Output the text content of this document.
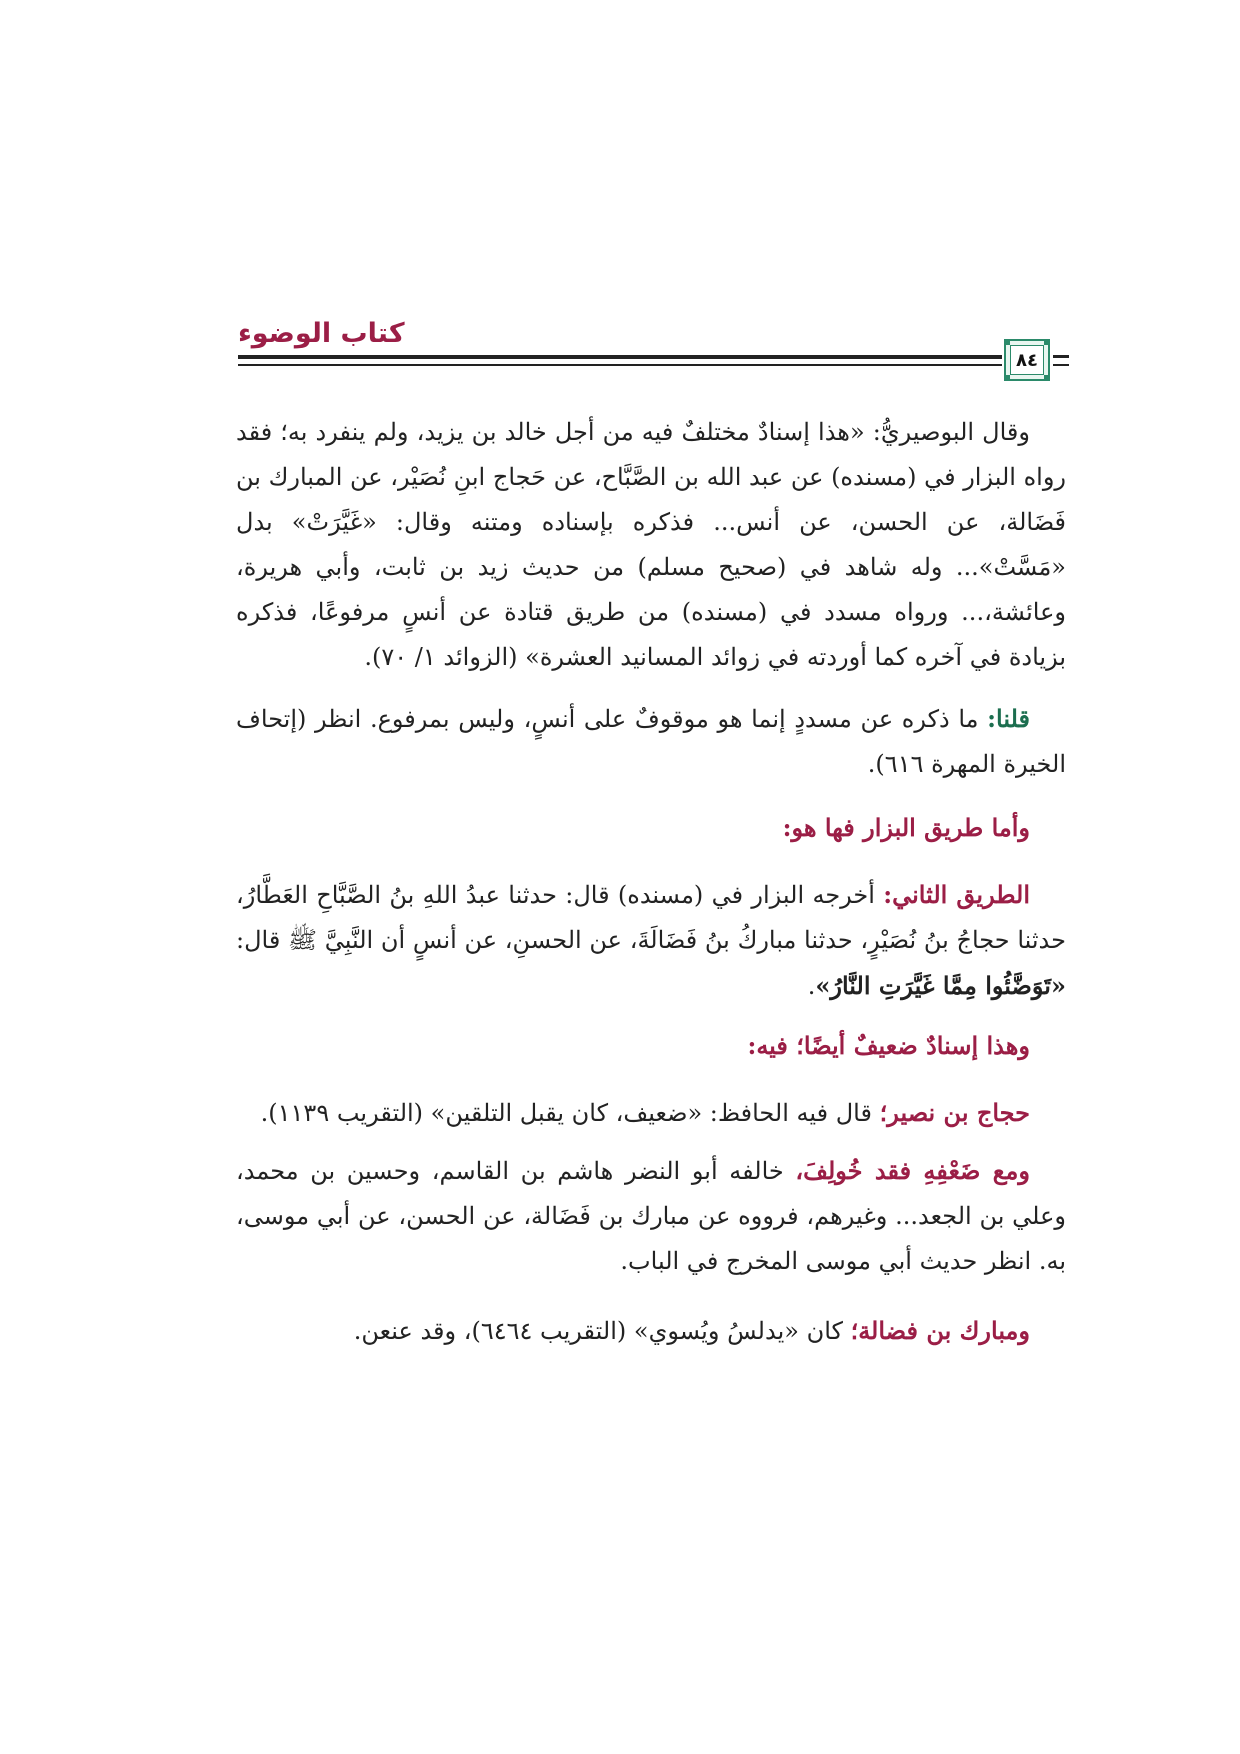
كتاب الوضوء
٨٤

وقال البوصيريُّ: «هذا إسنادٌ مختلفٌ فيه من أجل خالد بن يزيد، ولم ينفرد به؛ فقد رواه البزار في (مسنده) عن عبد الله بن الصَّبَّاح، عن حَجاج ابنِ نُصَيْر، عن المبارك بن فَضَالة، عن الحسن، عن أنس... فذكره بإسناده ومتنه وقال: «غَيَّرَتْ» بدل «مَسَّتْ»... وله شاهد في (صحيح مسلم) من حديث زيد بن ثابت، وأبي هريرة، وعائشة،... ورواه مسدد في (مسنده) من طريق قتادة عن أنسٍ مرفوعًا، فذكره بزيادة في آخره كما أوردته في زوائد المسانيد العشرة» (الزوائد ١/ ٧٠).

قلنا: ما ذكره عن مسددٍ إنما هو موقوفٌ على أنسٍ، وليس بمرفوع. انظر (إتحاف الخيرة المهرة ٦١٦).

وأما طريق البزار فها هو:

الطريق الثاني: أخرجه البزار في (مسنده) قال: حدثنا عبدُ اللهِ بنُ الصَّبَّاحِ العَطَّارُ، حدثنا حجاجُ بنُ نُصَيْرٍ، حدثنا مباركُ بنُ فَضَالَةَ، عن الحسنِ، عن أنسٍ أن النَّبِيَّ ﷺ قال: «تَوَضَّئُوا مِمَّا غَيَّرَتِ النَّارُ».

وهذا إسنادٌ ضعيفٌ أيضًا؛ فيه:

حجاج بن نصير؛ قال فيه الحافظ: «ضعيف، كان يقبل التلقين» (التقريب ١١٣٩).

ومع ضَعْفِهِ فقد خُولِفَ، خالفه أبو النضر هاشم بن القاسم، وحسين بن محمد، وعلي بن الجعد... وغيرهم، فرووه عن مبارك بن فَضَالة، عن الحسن، عن أبي موسى، به. انظر حديث أبي موسى المخرج في الباب.

ومبارك بن فضالة؛ كان «يدلسُ ويُسوي» (التقريب ٦٤٦٤)، وقد عنعن.
